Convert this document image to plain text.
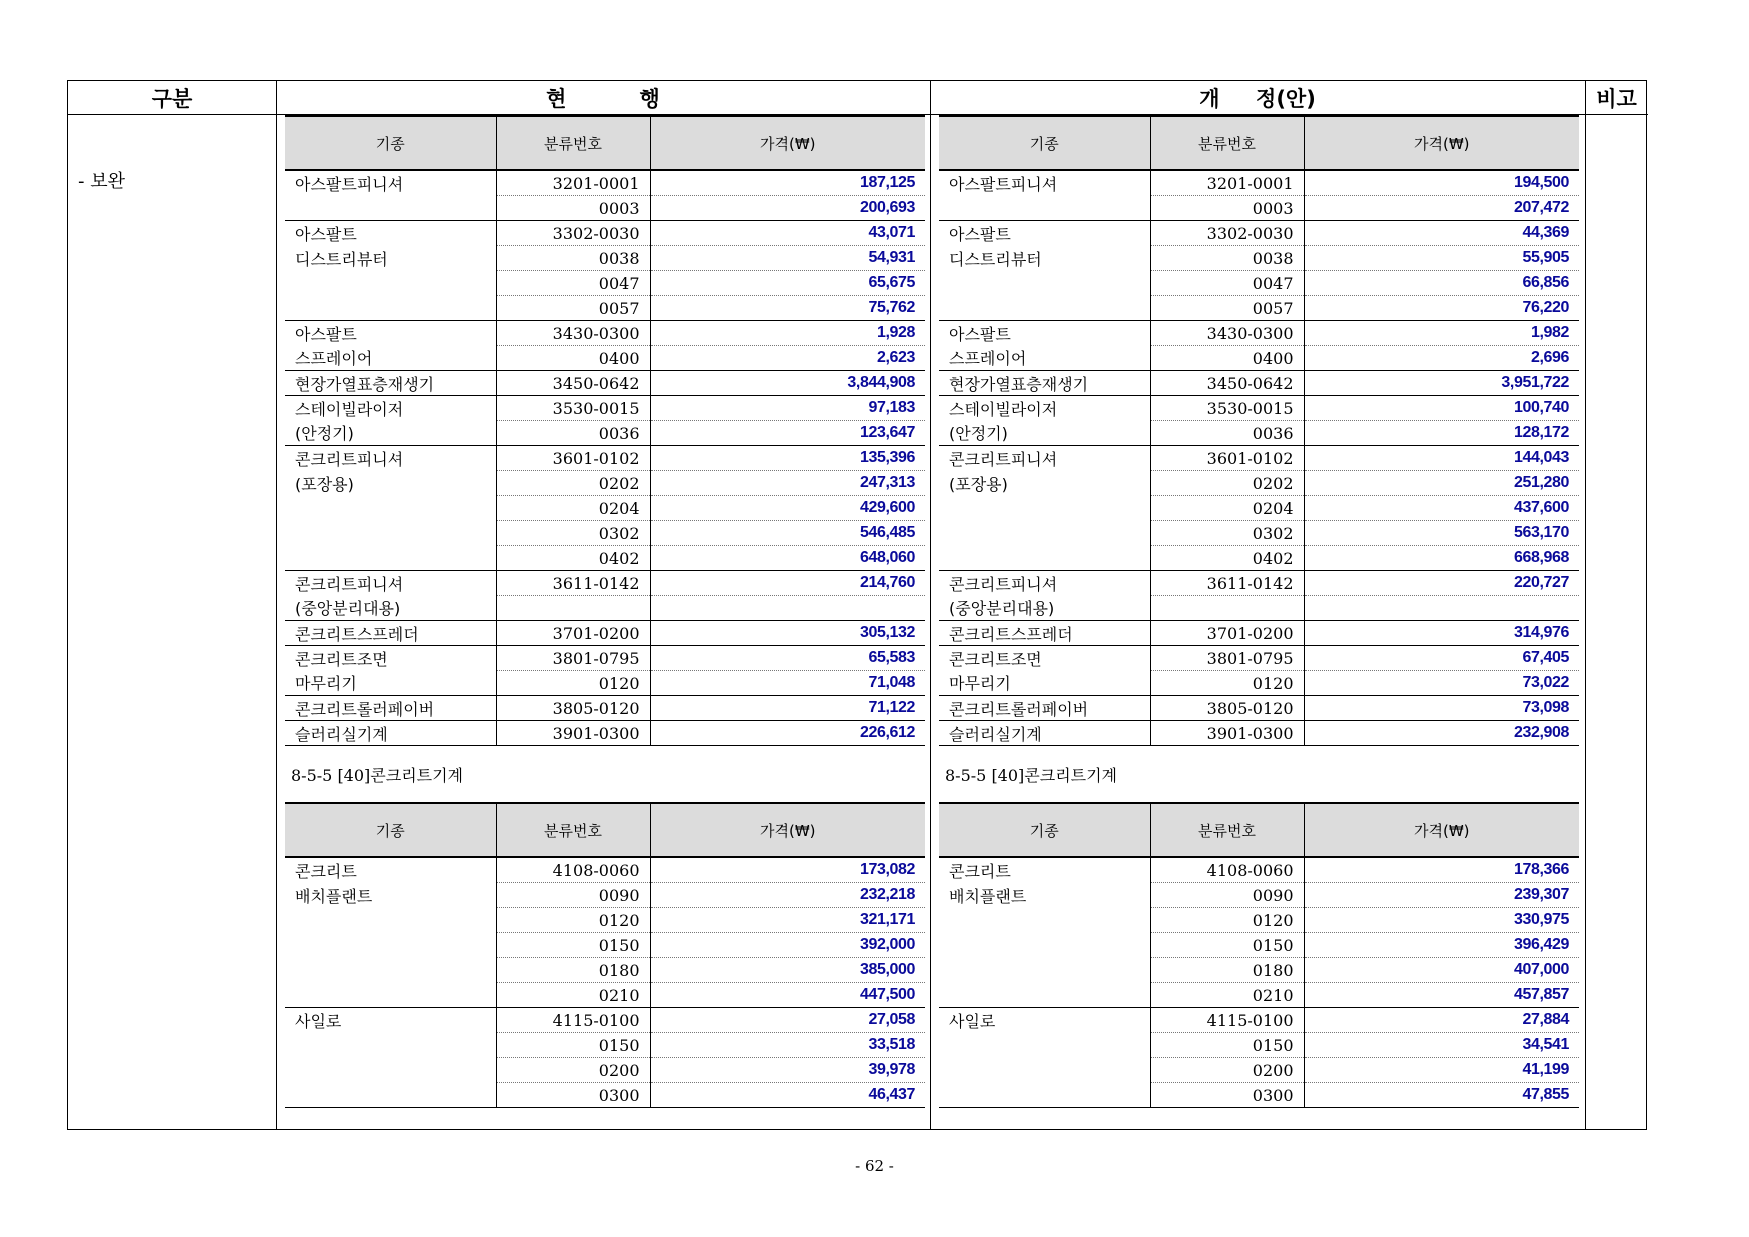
구분	현          행	개     정(안)	비고
- 보완
기종	분류번호	가격(₩)
아스팔트피니셔	3201-0001	187,125
	0003	200,693
아스팔트	3302-0030	43,071
디스트리뷰터	0038	54,931
	0047	65,675
	0057	75,762
아스팔트	3430-0300	1,928
스프레이어	0400	2,623
현장가열표층재생기	3450-0642	3,844,908
스테이빌라이저	3530-0015	97,183
(안정기)	0036	123,647
콘크리트피니셔	3601-0102	135,396
(포장용)	0202	247,313
	0204	429,600
	0302	546,485
	0402	648,060
콘크리트피니셔	3611-0142	214,760
(중앙분리대용)		
콘크리트스프레더	3701-0200	305,132
콘크리트조면	3801-0795	65,583
마무리기	0120	71,048
콘크리트롤러페이버	3805-0120	71,122
슬러리실기계	3901-0300	226,612
8-5-5 [40]콘크리트기계
기종	분류번호	가격(₩)
콘크리트	4108-0060	173,082
배치플랜트	0090	232,218
	0120	321,171
	0150	392,000
	0180	385,000
	0210	447,500
사일로	4115-0100	27,058
	0150	33,518
	0200	39,978
	0300	46,437
기종	분류번호	가격(₩)
아스팔트피니셔	3201-0001	194,500
	0003	207,472
아스팔트	3302-0030	44,369
디스트리뷰터	0038	55,905
	0047	66,856
	0057	76,220
아스팔트	3430-0300	1,982
스프레이어	0400	2,696
현장가열표층재생기	3450-0642	3,951,722
스테이빌라이저	3530-0015	100,740
(안정기)	0036	128,172
콘크리트피니셔	3601-0102	144,043
(포장용)	0202	251,280
	0204	437,600
	0302	563,170
	0402	668,968
콘크리트피니셔	3611-0142	220,727
(중앙분리대용)		
콘크리트스프레더	3701-0200	314,976
콘크리트조면	3801-0795	67,405
마무리기	0120	73,022
콘크리트롤러페이버	3805-0120	73,098
슬러리실기계	3901-0300	232,908
8-5-5 [40]콘크리트기계
기종	분류번호	가격(₩)
콘크리트	4108-0060	178,366
배치플랜트	0090	239,307
	0120	330,975
	0150	396,429
	0180	407,000
	0210	457,857
사일로	4115-0100	27,884
	0150	34,541
	0200	41,199
	0300	47,855
- 62 -
